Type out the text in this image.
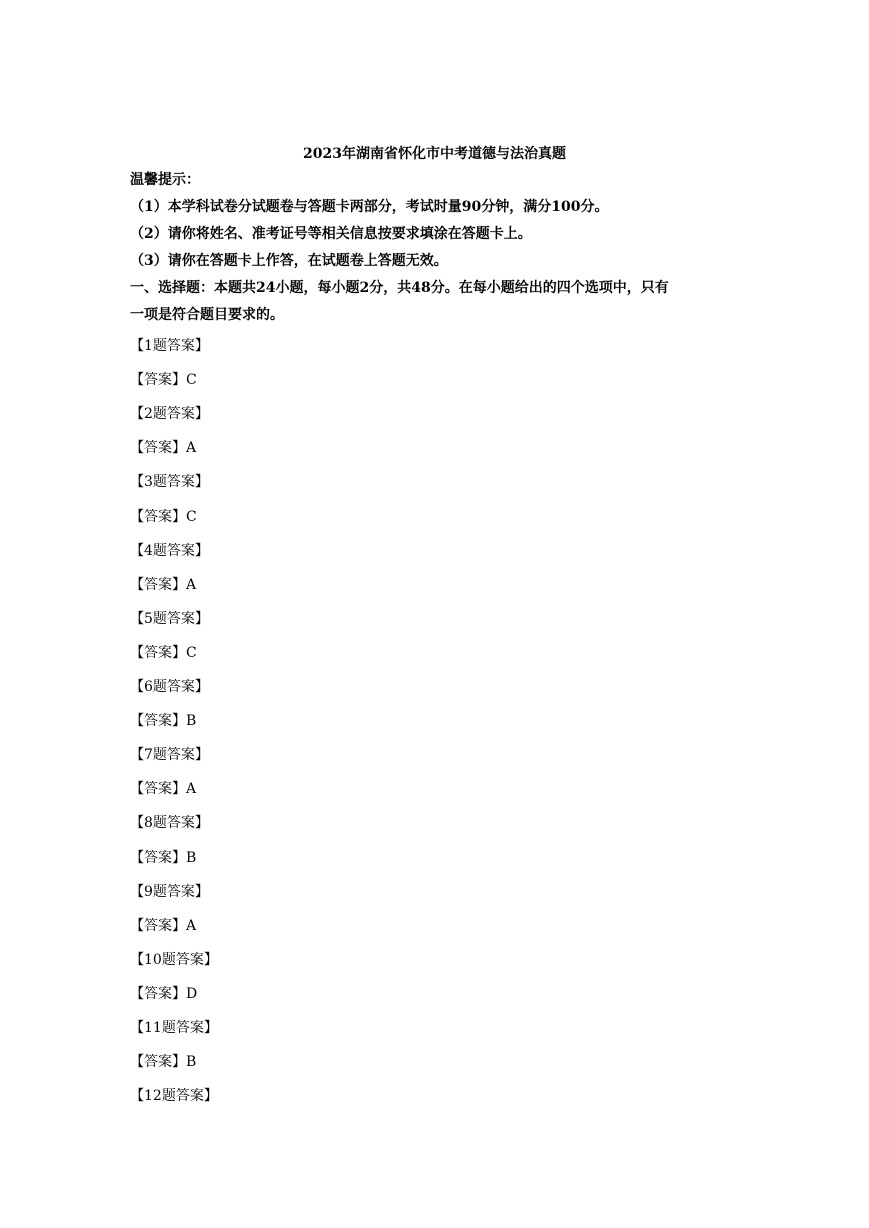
2023年湖南省怀化市中考道德与法治真题
温馨提示：
（1）本学科试卷分试题卷与答题卡两部分，考试时量90分钟，满分100分。
（2）请你将姓名、准考证号等相关信息按要求填涂在答题卡上。
（3）请你在答题卡上作答，在试题卷上答题无效。
一、选择题：本题共24小题，每小题2分，共48分。在每小题给出的四个选项中，只有
一项是符合题目要求的。
【1题答案】
【答案】C
【2题答案】
【答案】A
【3题答案】
【答案】C
【4题答案】
【答案】A
【5题答案】
【答案】C
【6题答案】
【答案】B
【7题答案】
【答案】A
【8题答案】
【答案】B
【9题答案】
【答案】A
【10题答案】
【答案】D
【11题答案】
【答案】B
【12题答案】
